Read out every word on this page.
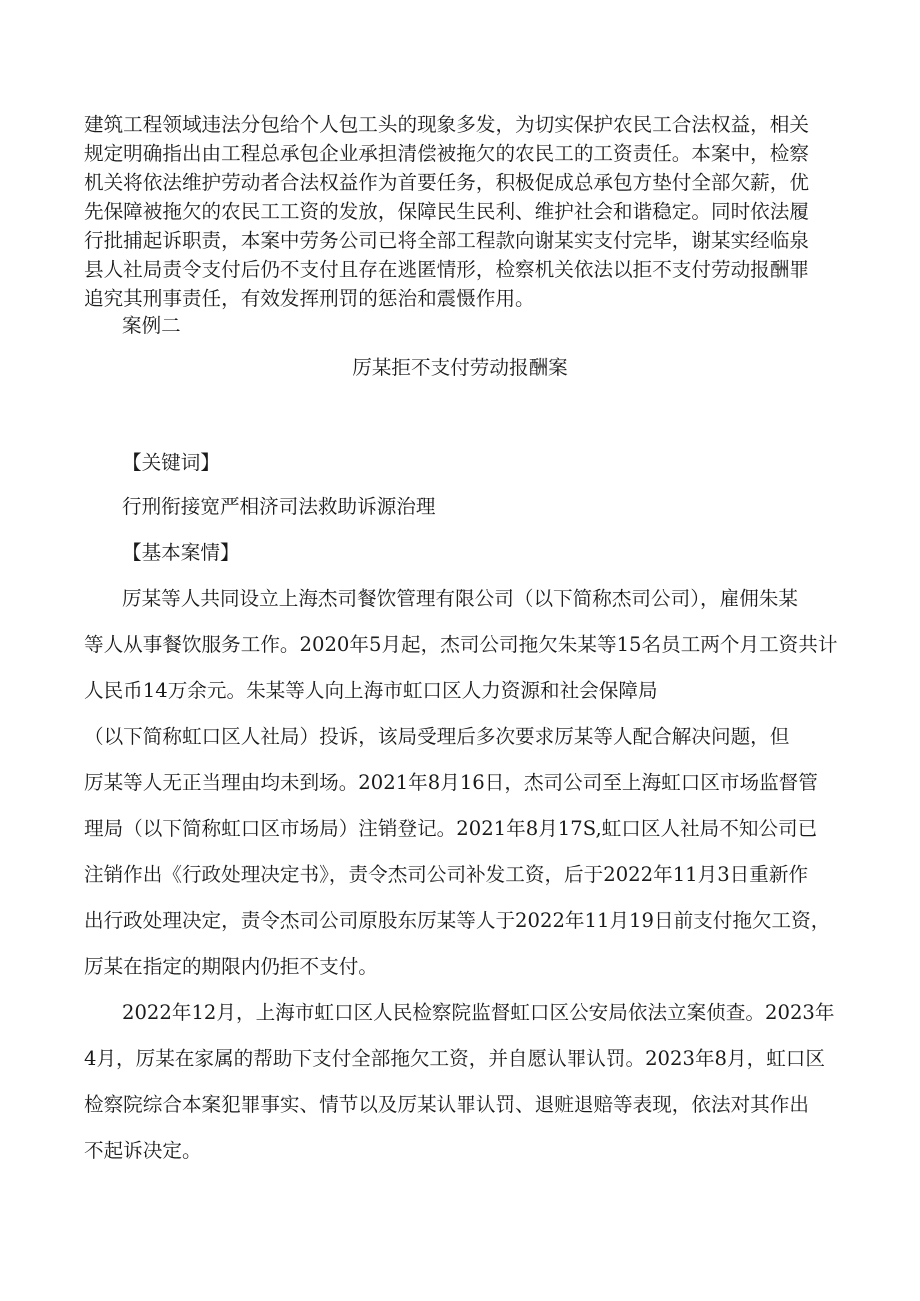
建筑工程领域违法分包给个人包工头的现象多发，为切实保护农民工合法权益，相关
规定明确指出由工程总承包企业承担清偿被拖欠的农民工的工资责任。本案中，检察
机关将依法维护劳动者合法权益作为首要任务，积极促成总承包方垫付全部欠薪，优
先保障被拖欠的农民工工资的发放，保障民生民利、维护社会和谐稳定。同时依法履
行批捕起诉职责，本案中劳务公司已将全部工程款向谢某实支付完毕，谢某实经临泉
县人社局责令支付后仍不支付且存在逃匿情形，检察机关依法以拒不支付劳动报酬罪
追究其刑事责任，有效发挥刑罚的惩治和震慑作用。
案例二
厉某拒不支付劳动报酬案
【关键词】
行刑衔接宽严相济司法救助诉源治理
【基本案情】
厉某等人共同设立上海杰司餐饮管理有限公司（以下简称杰司公司），雇佣朱某
等人从事餐饮服务工作。2020年5月起，杰司公司拖欠朱某等15名员工两个月工资共计
人民币14万余元。朱某等人向上海市虹口区人力资源和社会保障局
（以下简称虹口区人社局）投诉，该局受理后多次要求厉某等人配合解决问题，但
厉某等人无正当理由均未到场。2021年8月16日，杰司公司至上海虹口区市场监督管
理局（以下简称虹口区市场局）注销登记。2021年8月17S,虹口区人社局不知公司已
注销作出《行政处理决定书》，责令杰司公司补发工资，后于2022年11月3日重新作
出行政处理决定，责令杰司公司原股东厉某等人于2022年11月19日前支付拖欠工资，
厉某在指定的期限内仍拒不支付。
2022年12月，上海市虹口区人民检察院监督虹口区公安局依法立案侦查。2023年
4月，厉某在家属的帮助下支付全部拖欠工资，并自愿认罪认罚。2023年8月，虹口区
检察院综合本案犯罪事实、情节以及厉某认罪认罚、退赃退赔等表现，依法对其作出
不起诉决定。
